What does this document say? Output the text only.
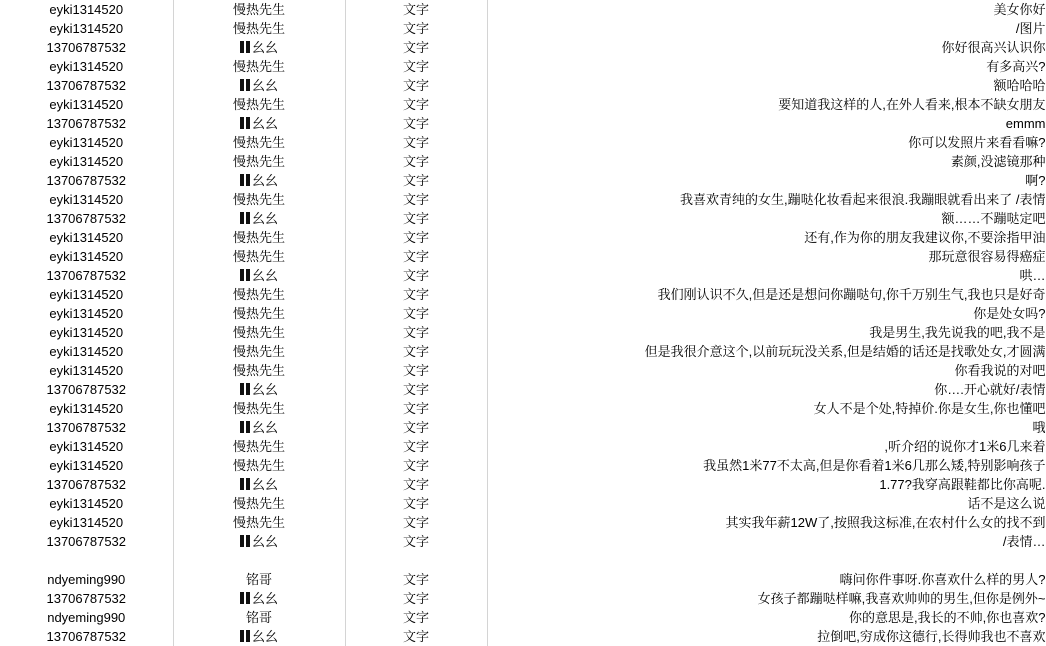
eyki1314520	慢热先生	文字	美女你好
eyki1314520	慢热先生	文字	/图片
13706787532	幺幺	文字	你好很高兴认识你
eyki1314520	慢热先生	文字	有多高兴?
13706787532	幺幺	文字	额哈哈哈
eyki1314520	慢热先生	文字	要知道我这样的人,在外人看来,根本不缺女朋友
13706787532	幺幺	文字	emmm
eyki1314520	慢热先生	文字	你可以发照片来看看嘛?
eyki1314520	慢热先生	文字	素颜,没滤镜那种
13706787532	幺幺	文字	啊?
eyki1314520	慢热先生	文字	我喜欢青纯的女生,蹦哒化妆看起来很浪.我蹦眼就看出来了 /表情
13706787532	幺幺	文字	额……不蹦哒定吧
eyki1314520	慢热先生	文字	还有,作为你的朋友我建议你,不要涂指甲油
eyki1314520	慢热先生	文字	那玩意很容易得癌症
13706787532	幺幺	文字	哄…
eyki1314520	慢热先生	文字	我们刚认识不久,但是还是想问你蹦哒句,你千万别生气,我也只是好奇
eyki1314520	慢热先生	文字	你是处女吗?
eyki1314520	慢热先生	文字	我是男生,我先说我的吧,我不是
eyki1314520	慢热先生	文字	但是我很介意这个,以前玩玩没关系,但是结婚的话还是找歌处女,才圆满
eyki1314520	慢热先生	文字	你看我说的对吧
13706787532	幺幺	文字	你….开心就好/表情
eyki1314520	慢热先生	文字	女人不是个处,特掉价.你是女生,你也懂吧
13706787532	幺幺	文字	哦
eyki1314520	慢热先生	文字	,听介绍的说你才1米6几来着
eyki1314520	慢热先生	文字	我虽然1米77不太高,但是你看着1米6几那么矮,特别影响孩子
13706787532	幺幺	文字	1.77?我穿高跟鞋都比你高呢.
eyki1314520	慢热先生	文字	话不是这么说
eyki1314520	慢热先生	文字	其实我年薪12W了,按照我这标准,在农村什么女的找不到
13706787532	幺幺	文字	/表情…

ndyeming990	铭哥	文字	嗨问你件事呀.你喜欢什么样的男人?
13706787532	幺幺	文字	女孩子都蹦哒样嘛,我喜欢帅帅的男生,但你是例外~
ndyeming990	铭哥	文字	你的意思是,我长的不帅,你也喜欢?
13706787532	幺幺	文字	拉倒吧,穷成你这德行,长得帅我也不喜欢
